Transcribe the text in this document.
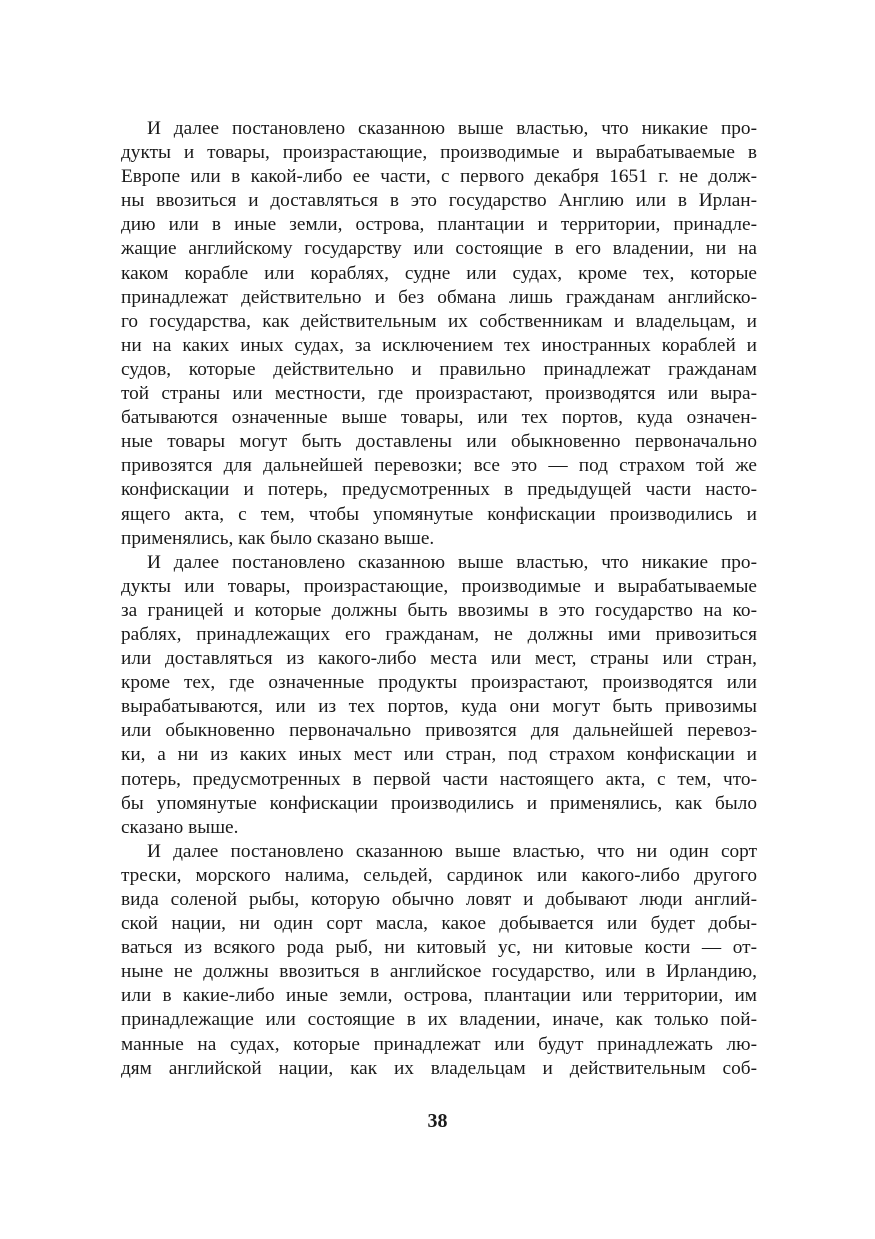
И далее постановлено сказанною выше властью, что никакие про-
дукты и товары, произрастающие, производимые и вырабатываемые в
Европе или в какой-либо ее части, с первого декабря 1651 г. не долж-
ны ввозиться и доставляться в это государство Англию или в Ирлан-
дию или в иные земли, острова, плантации и территории, принадле-
жащие английскому государству или состоящие в его владении, ни на
каком корабле или кораблях, судне или судах, кроме тех, которые
принадлежат действительно и без обмана лишь гражданам английско-
го государства, как действительным их собственникам и владельцам, и
ни на каких иных судах, за исключением тех иностранных кораблей и
судов, которые действительно и правильно принадлежат гражданам
той страны или местности, где произрастают, производятся или выра-
батываются означенные выше товары, или тех портов, куда означен-
ные товары могут быть доставлены или обыкновенно первоначально
привозятся для дальнейшей перевозки; все это — под страхом той же
конфискации и потерь, предусмотренных в предыдущей части насто-
ящего акта, с тем, чтобы упомянутые конфискации производились и
применялись, как было сказано выше.
И далее постановлено сказанною выше властью, что никакие про-
дукты или товары, произрастающие, производимые и вырабатываемые
за границей и которые должны быть ввозимы в это государство на ко-
раблях, принадлежащих его гражданам, не должны ими привозиться
или доставляться из какого-либо места или мест, страны или стран,
кроме тех, где означенные продукты произрастают, производятся или
вырабатываются, или из тех портов, куда они могут быть привозимы
или обыкновенно первоначально привозятся для дальнейшей перевоз-
ки, а ни из каких иных мест или стран, под страхом конфискации и
потерь, предусмотренных в первой части настоящего акта, с тем, что-
бы упомянутые конфискации производились и применялись, как было
сказано выше.
И далее постановлено сказанною выше властью, что ни один сорт
трески, морского налима, сельдей, сардинок или какого-либо другого
вида соленой рыбы, которую обычно ловят и добывают люди англий-
ской нации, ни один сорт масла, какое добывается или будет добы-
ваться из всякого рода рыб, ни китовый ус, ни китовые кости — от-
ныне не должны ввозиться в английское государство, или в Ирландию,
или в какие-либо иные земли, острова, плантации или территории, им
принадлежащие или состоящие в их владении, иначе, как только пой-
манные на судах, которые принадлежат или будут принадлежать лю-
дям английской нации, как их владельцам и действительным соб-
38
